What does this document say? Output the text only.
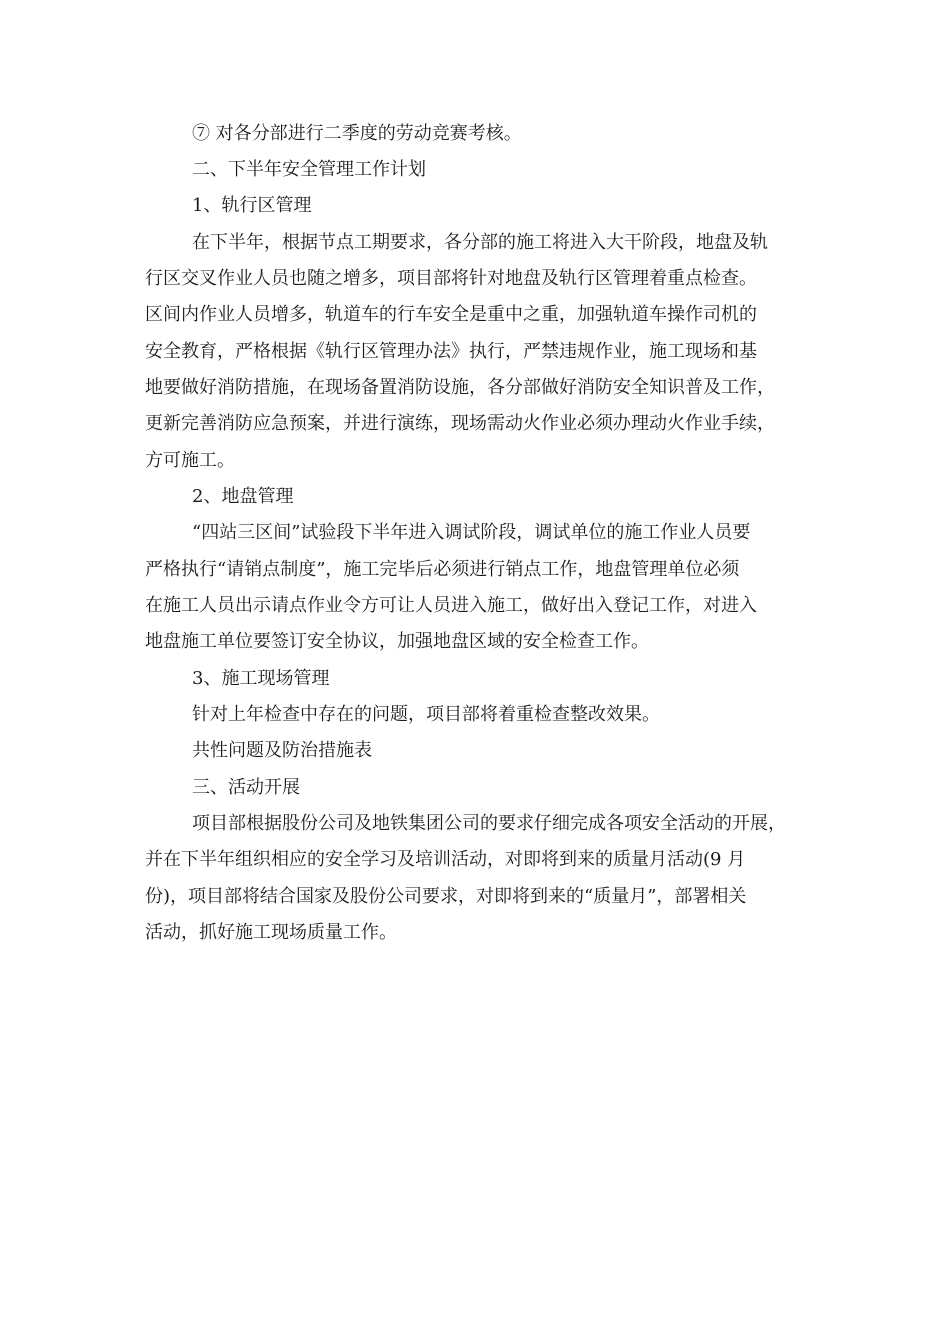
⑦ 对各分部进行二季度的劳动竞赛考核。
二、下半年安全管理工作计划
1、轨行区管理
在下半年，根据节点工期要求，各分部的施工将进入大干阶段，地盘及轨
行区交叉作业人员也随之增多，项目部将针对地盘及轨行区管理着重点检查。
区间内作业人员增多，轨道车的行车安全是重中之重，加强轨道车操作司机的
安全教育，严格根据《轨行区管理办法》执行，严禁违规作业，施工现场和基
地要做好消防措施，在现场备置消防设施，各分部做好消防安全知识普及工作，
更新完善消防应急预案，并进行演练，现场需动火作业必须办理动火作业手续，
方可施工。
2、地盘管理
“四站三区间”试验段下半年进入调试阶段，调试单位的施工作业人员要
严格执行“请销点制度”，施工完毕后必须进行销点工作，地盘管理单位必须
在施工人员出示请点作业令方可让人员进入施工，做好出入登记工作，对进入
地盘施工单位要签订安全协议，加强地盘区域的安全检查工作。
3、施工现场管理
针对上年检查中存在的问题，项目部将着重检查整改效果。
共性问题及防治措施表
三、活动开展
项目部根据股份公司及地铁集团公司的要求仔细完成各项安全活动的开展，
并在下半年组织相应的安全学习及培训活动，对即将到来的质量月活动(9 月
份)，项目部将结合国家及股份公司要求，对即将到来的“质量月”，部署相关
活动，抓好施工现场质量工作。
